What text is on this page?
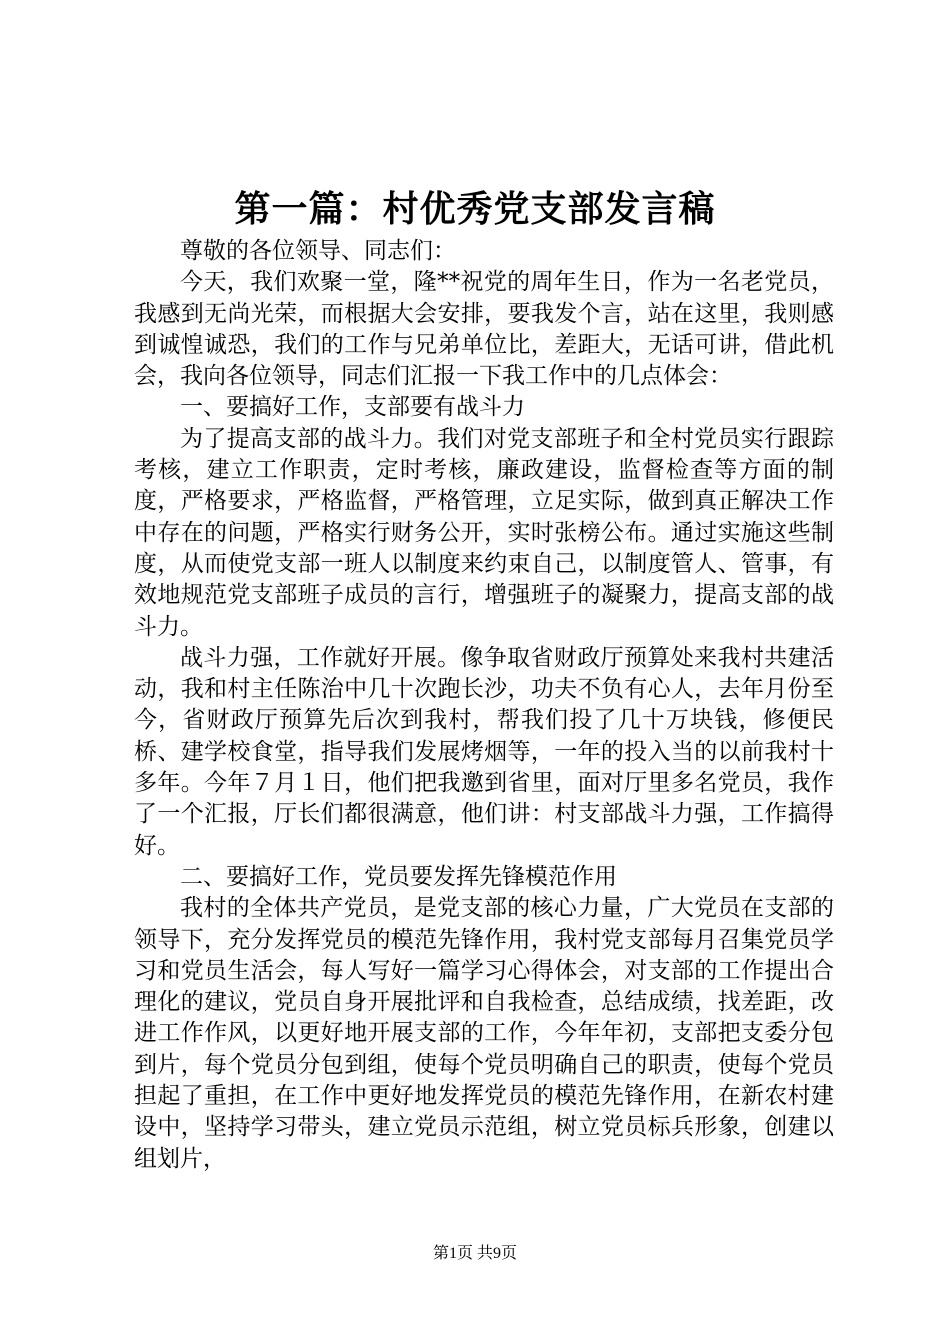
第一篇：村优秀党支部发言稿

尊敬的各位领导、同志们：

今天，我们欢聚一堂，隆**祝党的周年生日，作为一名老党员，我感到无尚光荣，而根据大会安排，要我发个言，站在这里，我则感到诚惶诚恐，我们的工作与兄弟单位比，差距大，无话可讲，借此机会，我向各位领导，同志们汇报一下我工作中的几点体会：

一、要搞好工作，支部要有战斗力

为了提高支部的战斗力。我们对党支部班子和全村党员实行跟踪考核，建立工作职责，定时考核，廉政建设，监督检查等方面的制度，严格要求，严格监督，严格管理，立足实际，做到真正解决工作中存在的问题，严格实行财务公开，实时张榜公布。通过实施这些制度，从而使党支部一班人以制度来约束自己，以制度管人、管事，有效地规范党支部班子成员的言行，增强班子的凝聚力，提高支部的战斗力。

战斗力强，工作就好开展。像争取省财政厅预算处来我村共建活动，我和村主任陈治中几十次跑长沙，功夫不负有心人，去年月份至今，省财政厅预算先后次到我村，帮我们投了几十万块钱，修便民桥、建学校食堂，指导我们发展烤烟等，一年的投入当的以前我村十多年。今年７月１日，他们把我邀到省里，面对厅里多名党员，我作了一个汇报，厅长们都很满意，他们讲：村支部战斗力强，工作搞得好。

二、要搞好工作，党员要发挥先锋模范作用

我村的全体共产党员，是党支部的核心力量，广大党员在支部的领导下，充分发挥党员的模范先锋作用，我村党支部每月召集党员学习和党员生活会，每人写好一篇学习心得体会，对支部的工作提出合理化的建议，党员自身开展批评和自我检查，总结成绩，找差距，改进工作作风，以更好地开展支部的工作，今年年初，支部把支委分包到片，每个党员分包到组，使每个党员明确自己的职责，使每个党员担起了重担，在工作中更好地发挥党员的模范先锋作用，在新农村建设中，坚持学习带头，建立党员示范组，树立党员标兵形象，创建以组划片，

第1页 共9页
